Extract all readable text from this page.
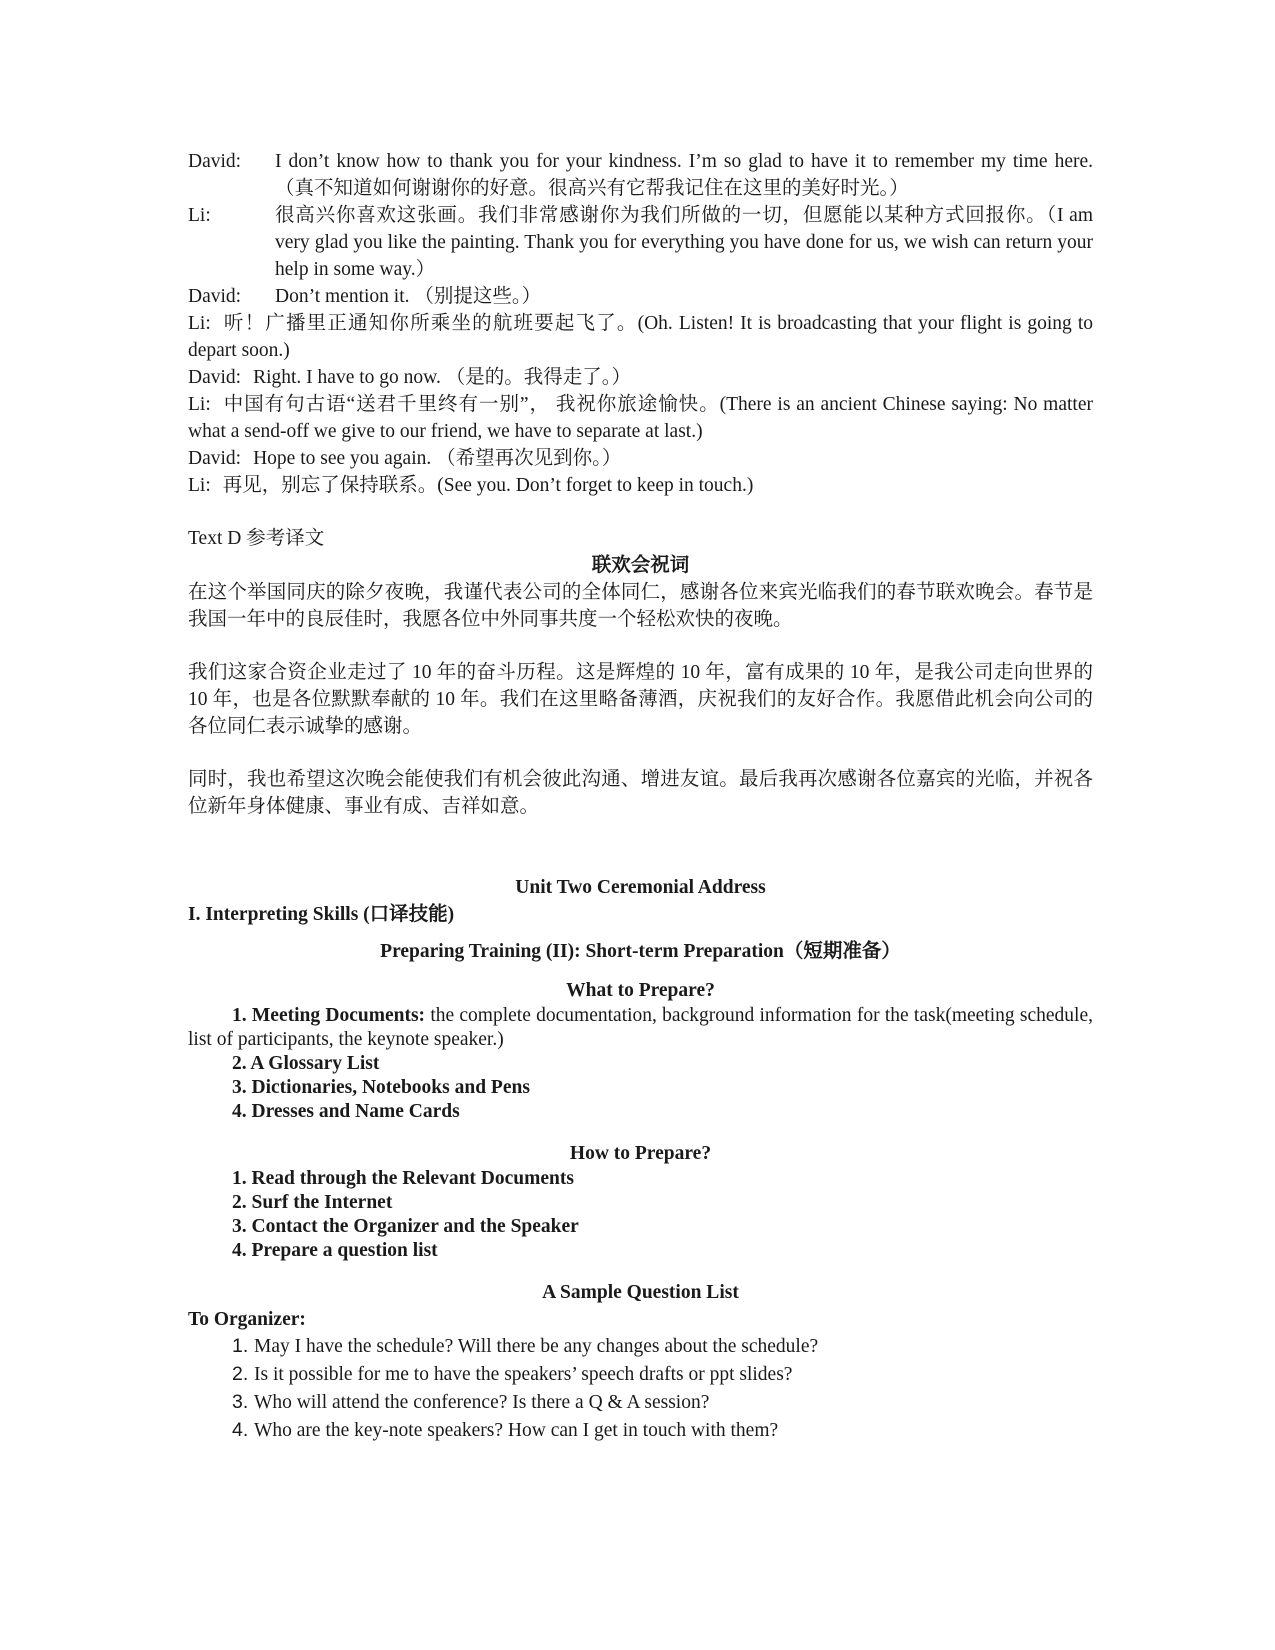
David:	I don’t know how to thank you for your kindness. I’m so glad to have it to remember my time here. （真不知道如何谢谢你的好意。很高兴有它帮我记住在这里的美好时光。）
Li:	很高兴你喜欢这张画。我们非常感谢你为我们所做的一切，但愿能以某种方式回报你。（I am very glad you like the painting. Thank you for everything you have done for us, we wish can return your help in some way.）
David:	Don’t mention it. （别提这些。）
Li: 听！广播里正通知你所乘坐的航班要起飞了。(Oh. Listen! It is broadcasting that your flight is going to depart soon.)
David: Right. I have to go now. （是的。我得走了。）
Li: 中国有句古语“送君千里终有一别”， 我祝你旅途愉快。(There is an ancient Chinese saying: No matter what a send-off we give to our friend, we have to separate at last.)
David: Hope to see you again. （希望再次见到你。）
Li: 再见，别忘了保持联系。(See you. Don’t forget to keep in touch.)
Text D 参考译文
联欢会祝词
在这个举国同庆的除夕夜晚，我谨代表公司的全体同仁，感谢各位来宾光临我们的春节联欢晚会。春节是我国一年中的良辰佳时，我愿各位中外同事共度一个轻松欢快的夜晚。
我们这家合资企业走过了 10 年的奋斗历程。这是辉煌的 10 年，富有成果的 10 年，是我公司走向世界的 10 年，也是各位默默奉献的 10 年。我们在这里略备薄酒，庆祝我们的友好合作。我愿借此机会向公司的各位同仁表示诚挚的感谢。
同时，我也希望这次晚会能使我们有机会彼此沟通、增进友谊。最后我再次感谢各位嘉宾的光临，并祝各位新年身体健康、事业有成、吉祥如意。
Unit Two Ceremonial Address
I. Interpreting Skills (口译技能)
Preparing Training (II): Short-term Preparation（短期准备）
What to Prepare?
1. Meeting Documents: the complete documentation, background information for the task(meeting schedule, list of participants, the keynote speaker.)
2. A Glossary List
3. Dictionaries, Notebooks and Pens
4. Dresses and Name Cards
How to Prepare?
1. Read through the Relevant Documents
2. Surf the Internet
3. Contact the Organizer and the Speaker
4. Prepare a question list
A Sample Question List
To Organizer:
1. May I have the schedule? Will there be any changes about the schedule?
2. Is it possible for me to have the speakers’ speech drafts or ppt slides?
3. Who will attend the conference? Is there a Q & A session?
4. Who are the key-note speakers? How can I get in touch with them?
